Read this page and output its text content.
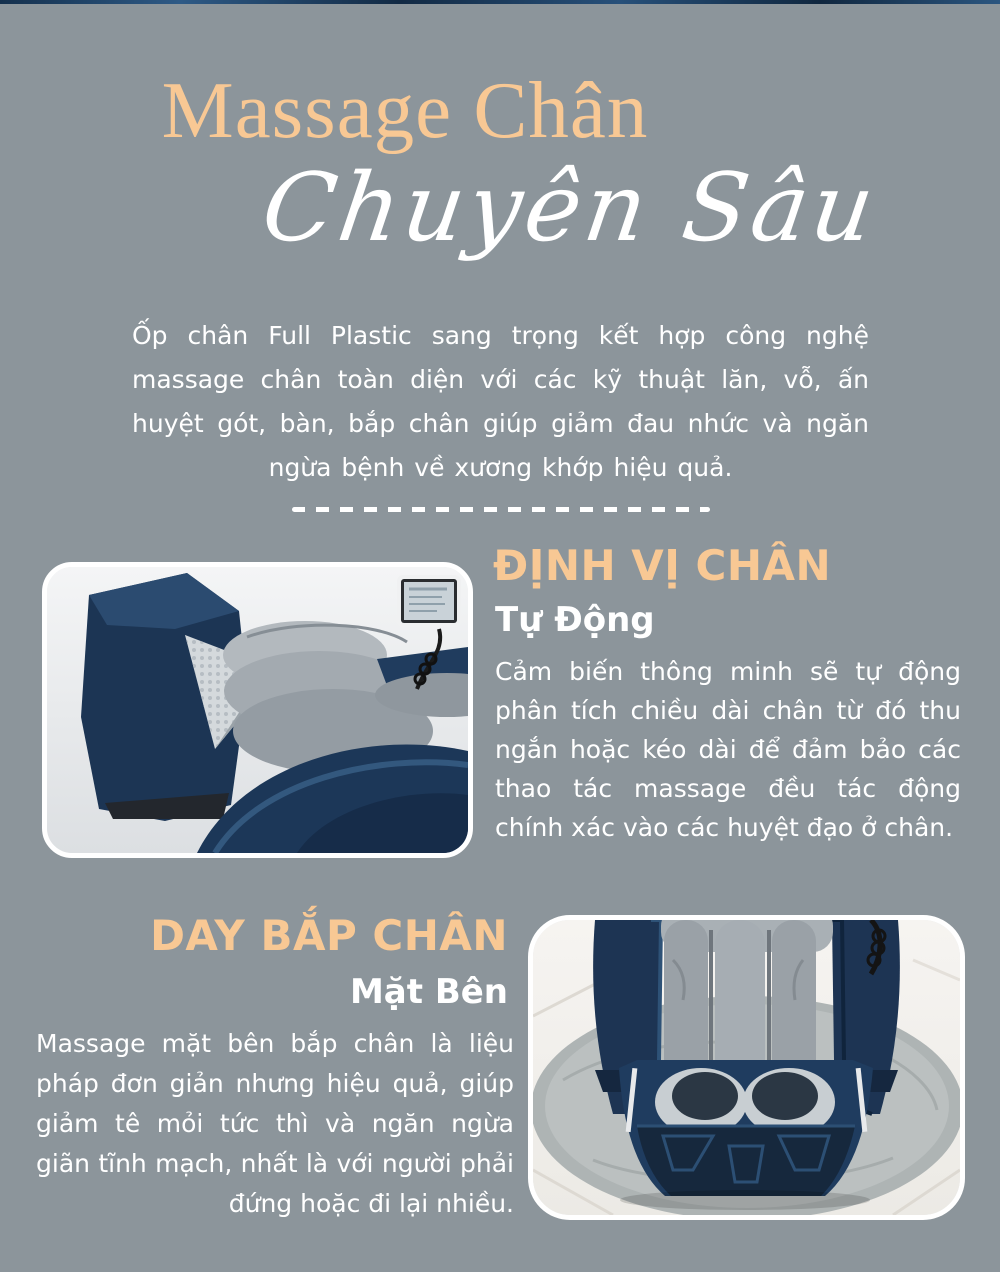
Massage Chân
Chuyên Sâu

Ốp chân Full Plastic sang trọng kết hợp công nghệ massage chân toàn diện với các kỹ thuật lăn, vỗ, ấn huyệt gót, bàn, bắp chân giúp giảm đau nhức và ngăn ngừa bệnh về xương khớp hiệu quả.

ĐỊNH VỊ CHÂN
Tự Động

Cảm biến thông minh sẽ tự động phân tích chiều dài chân từ đó thu ngắn hoặc kéo dài để đảm bảo các thao tác massage đều tác động chính xác vào các huyệt đạo ở chân.

DAY BẮP CHÂN
Mặt Bên

Massage mặt bên bắp chân là liệu pháp đơn giản nhưng hiệu quả, giúp giảm tê mỏi tức thì và ngăn ngừa giãn tĩnh mạch, nhất là với người phải đứng hoặc đi lại nhiều.
